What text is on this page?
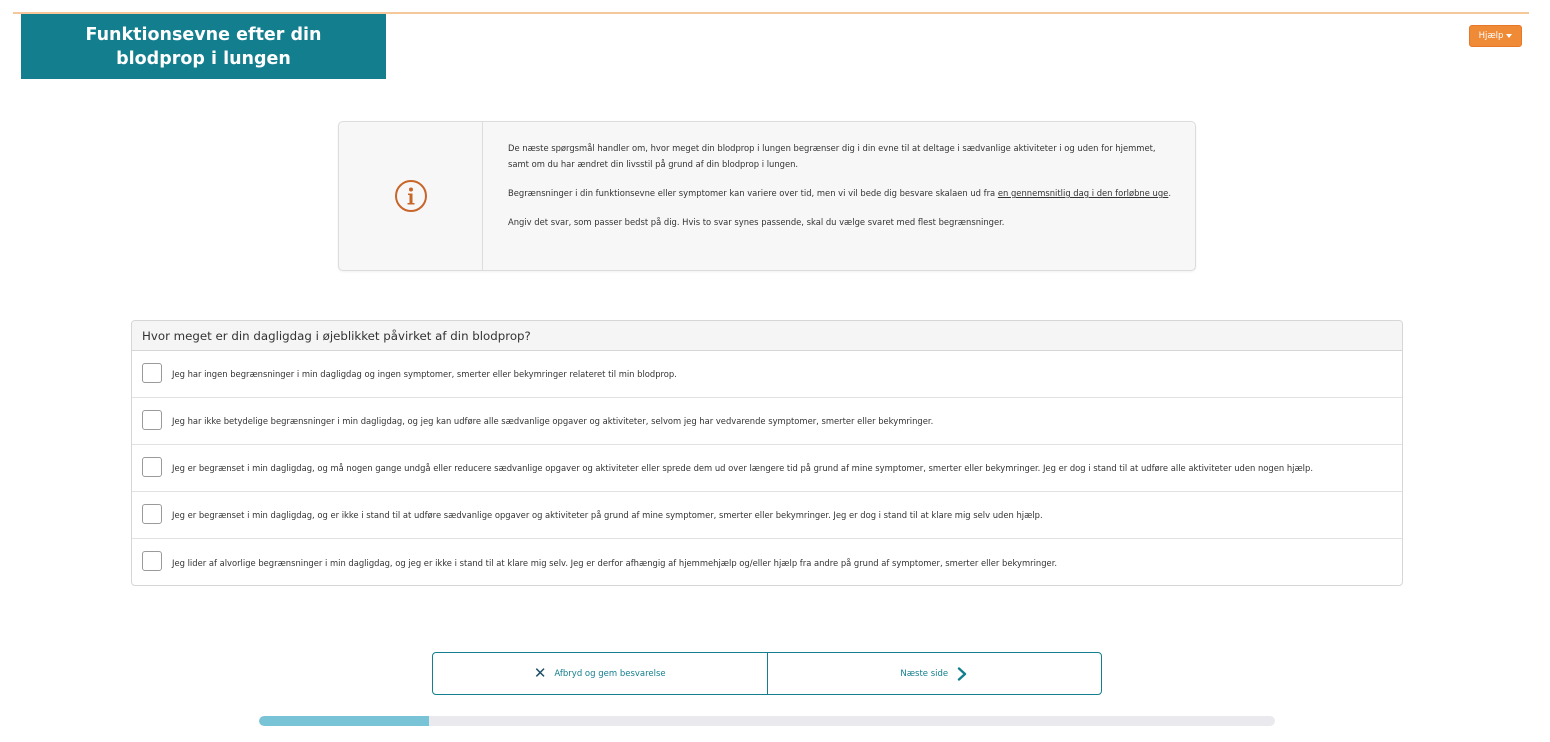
Funktionsevne efter din blodprop i lungen
Hjælp

De næste spørgsmål handler om, hvor meget din blodprop i lungen begrænser dig i din evne til at deltage i sædvanlige aktiviteter i og uden for hjemmet, samt om du har ændret din livsstil på grund af din blodprop i lungen.

Begrænsninger i din funktionsevne eller symptomer kan variere over tid, men vi vil bede dig besvare skalaen ud fra en gennemsnitlig dag i den forløbne uge.

Angiv det svar, som passer bedst på dig. Hvis to svar synes passende, skal du vælge svaret med flest begrænsninger.

Hvor meget er din dagligdag i øjeblikket påvirket af din blodprop?
Jeg har ingen begrænsninger i min dagligdag og ingen symptomer, smerter eller bekymringer relateret til min blodprop.
Jeg har ikke betydelige begrænsninger i min dagligdag, og jeg kan udføre alle sædvanlige opgaver og aktiviteter, selvom jeg har vedvarende symptomer, smerter eller bekymringer.
Jeg er begrænset i min dagligdag, og må nogen gange undgå eller reducere sædvanlige opgaver og aktiviteter eller sprede dem ud over længere tid på grund af mine symptomer, smerter eller bekymringer. Jeg er dog i stand til at udføre alle aktiviteter uden nogen hjælp.
Jeg er begrænset i min dagligdag, og er ikke i stand til at udføre sædvanlige opgaver og aktiviteter på grund af mine symptomer, smerter eller bekymringer. Jeg er dog i stand til at klare mig selv uden hjælp.
Jeg lider af alvorlige begrænsninger i min dagligdag, og jeg er ikke i stand til at klare mig selv. Jeg er derfor afhængig af hjemmehjælp og/eller hjælp fra andre på grund af symptomer, smerter eller bekymringer.
✕ Afbryd og gem besvarelse	Næste side
